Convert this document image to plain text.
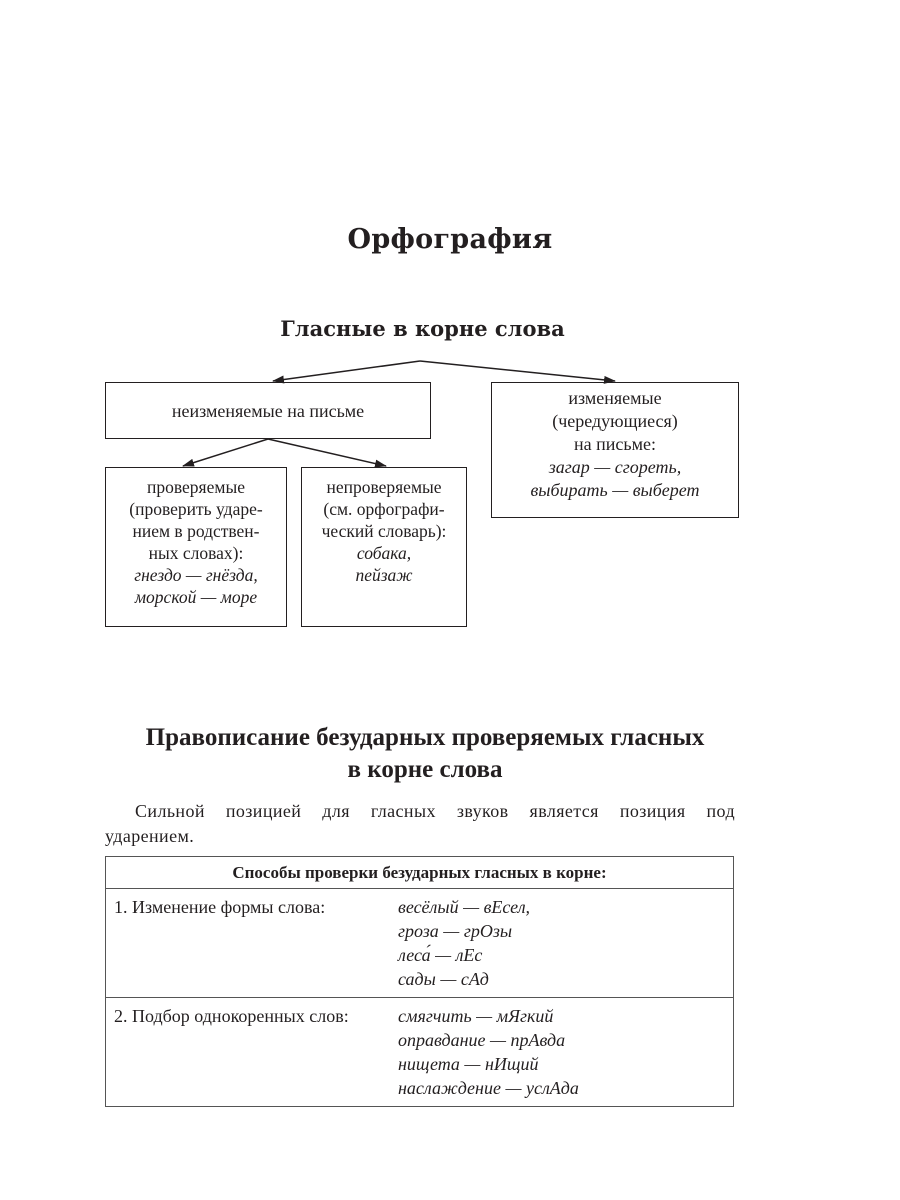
Орфография
Гласные в корне слова
неизменяемые на письме
изменяемые
(чередующиеся)
на письме:
загар — сгореть,
выбирать — выберет
проверяемые
(проверить ударе-
нием в родствен-
ных словах):
гнездо — гнёзда,
морской — море
непроверяемые
(см. орфографи-
ческий словарь):
собака,
пейзаж
Правописание безударных проверяемых гласных
в корне слова
Сильной позицией для гласных звуков является позиция под ударением.
Способы проверки безударных гласных в корне:	
1. Изменение формы слова:	весёлый — вЕсел,
гроза — грОзы
леса́ — лЕс
сады — сАд

2. Подбор однокоренных слов:	смягчить — мЯгкий
оправдание — прАвда
нищета — нИщий
наслаждение — услАда
